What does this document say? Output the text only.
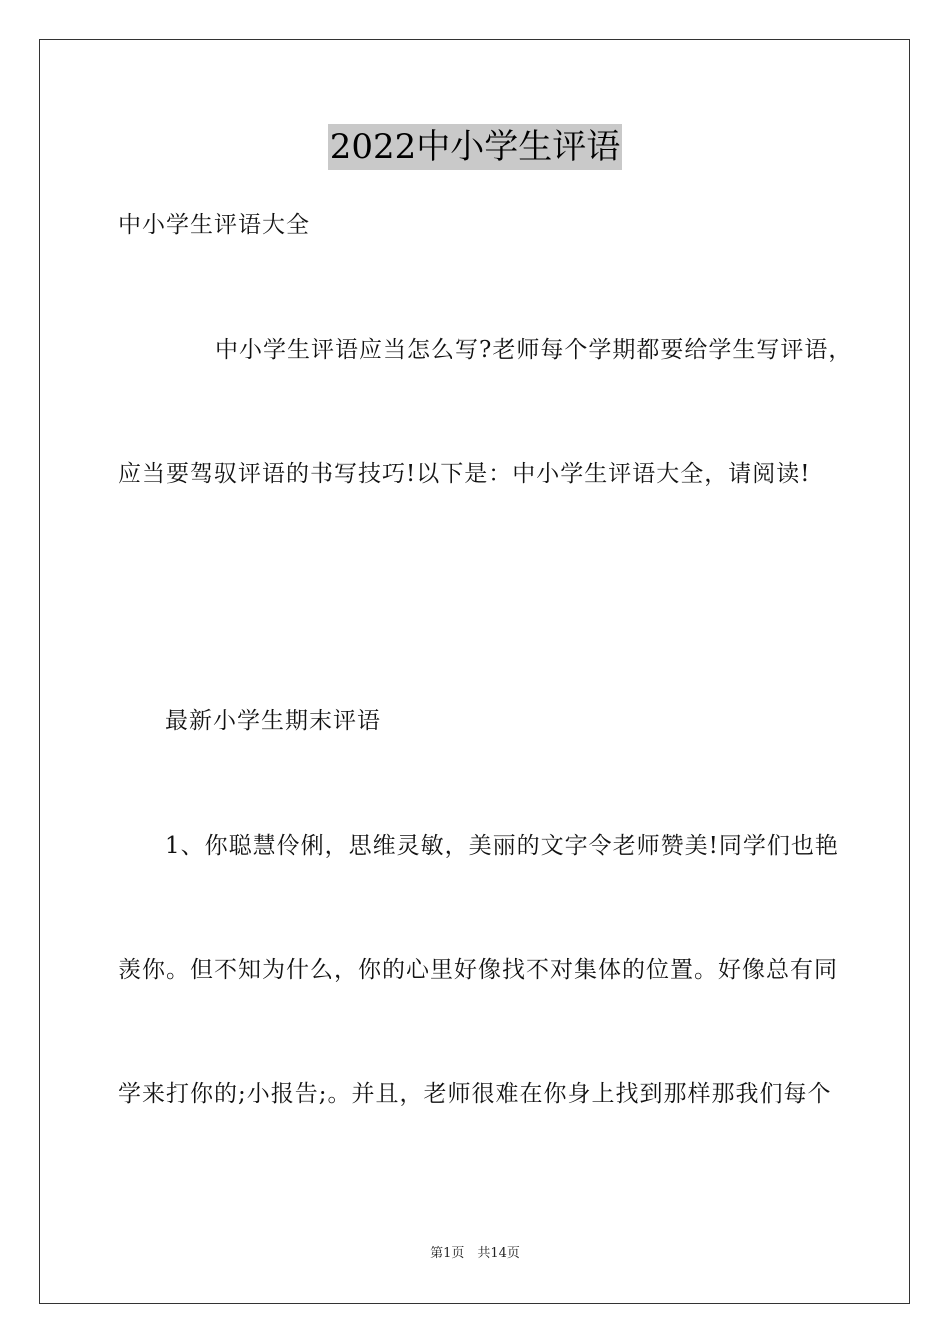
2022中小学生评语
中小学生评语大全
中小学生评语应当怎么写?老师每个学期都要给学生写评语，
应当要驾驭评语的书写技巧!以下是：中小学生评语大全，请阅读!
最新小学生期末评语
1、你聪慧伶俐，思维灵敏，美丽的文字令老师赞美!同学们也艳
羡你。但不知为什么，你的心里好像找不对集体的位置。好像总有同
学来打你的;小报告;。并且，老师很难在你身上找到那样那我们每个
第1页　共14页
